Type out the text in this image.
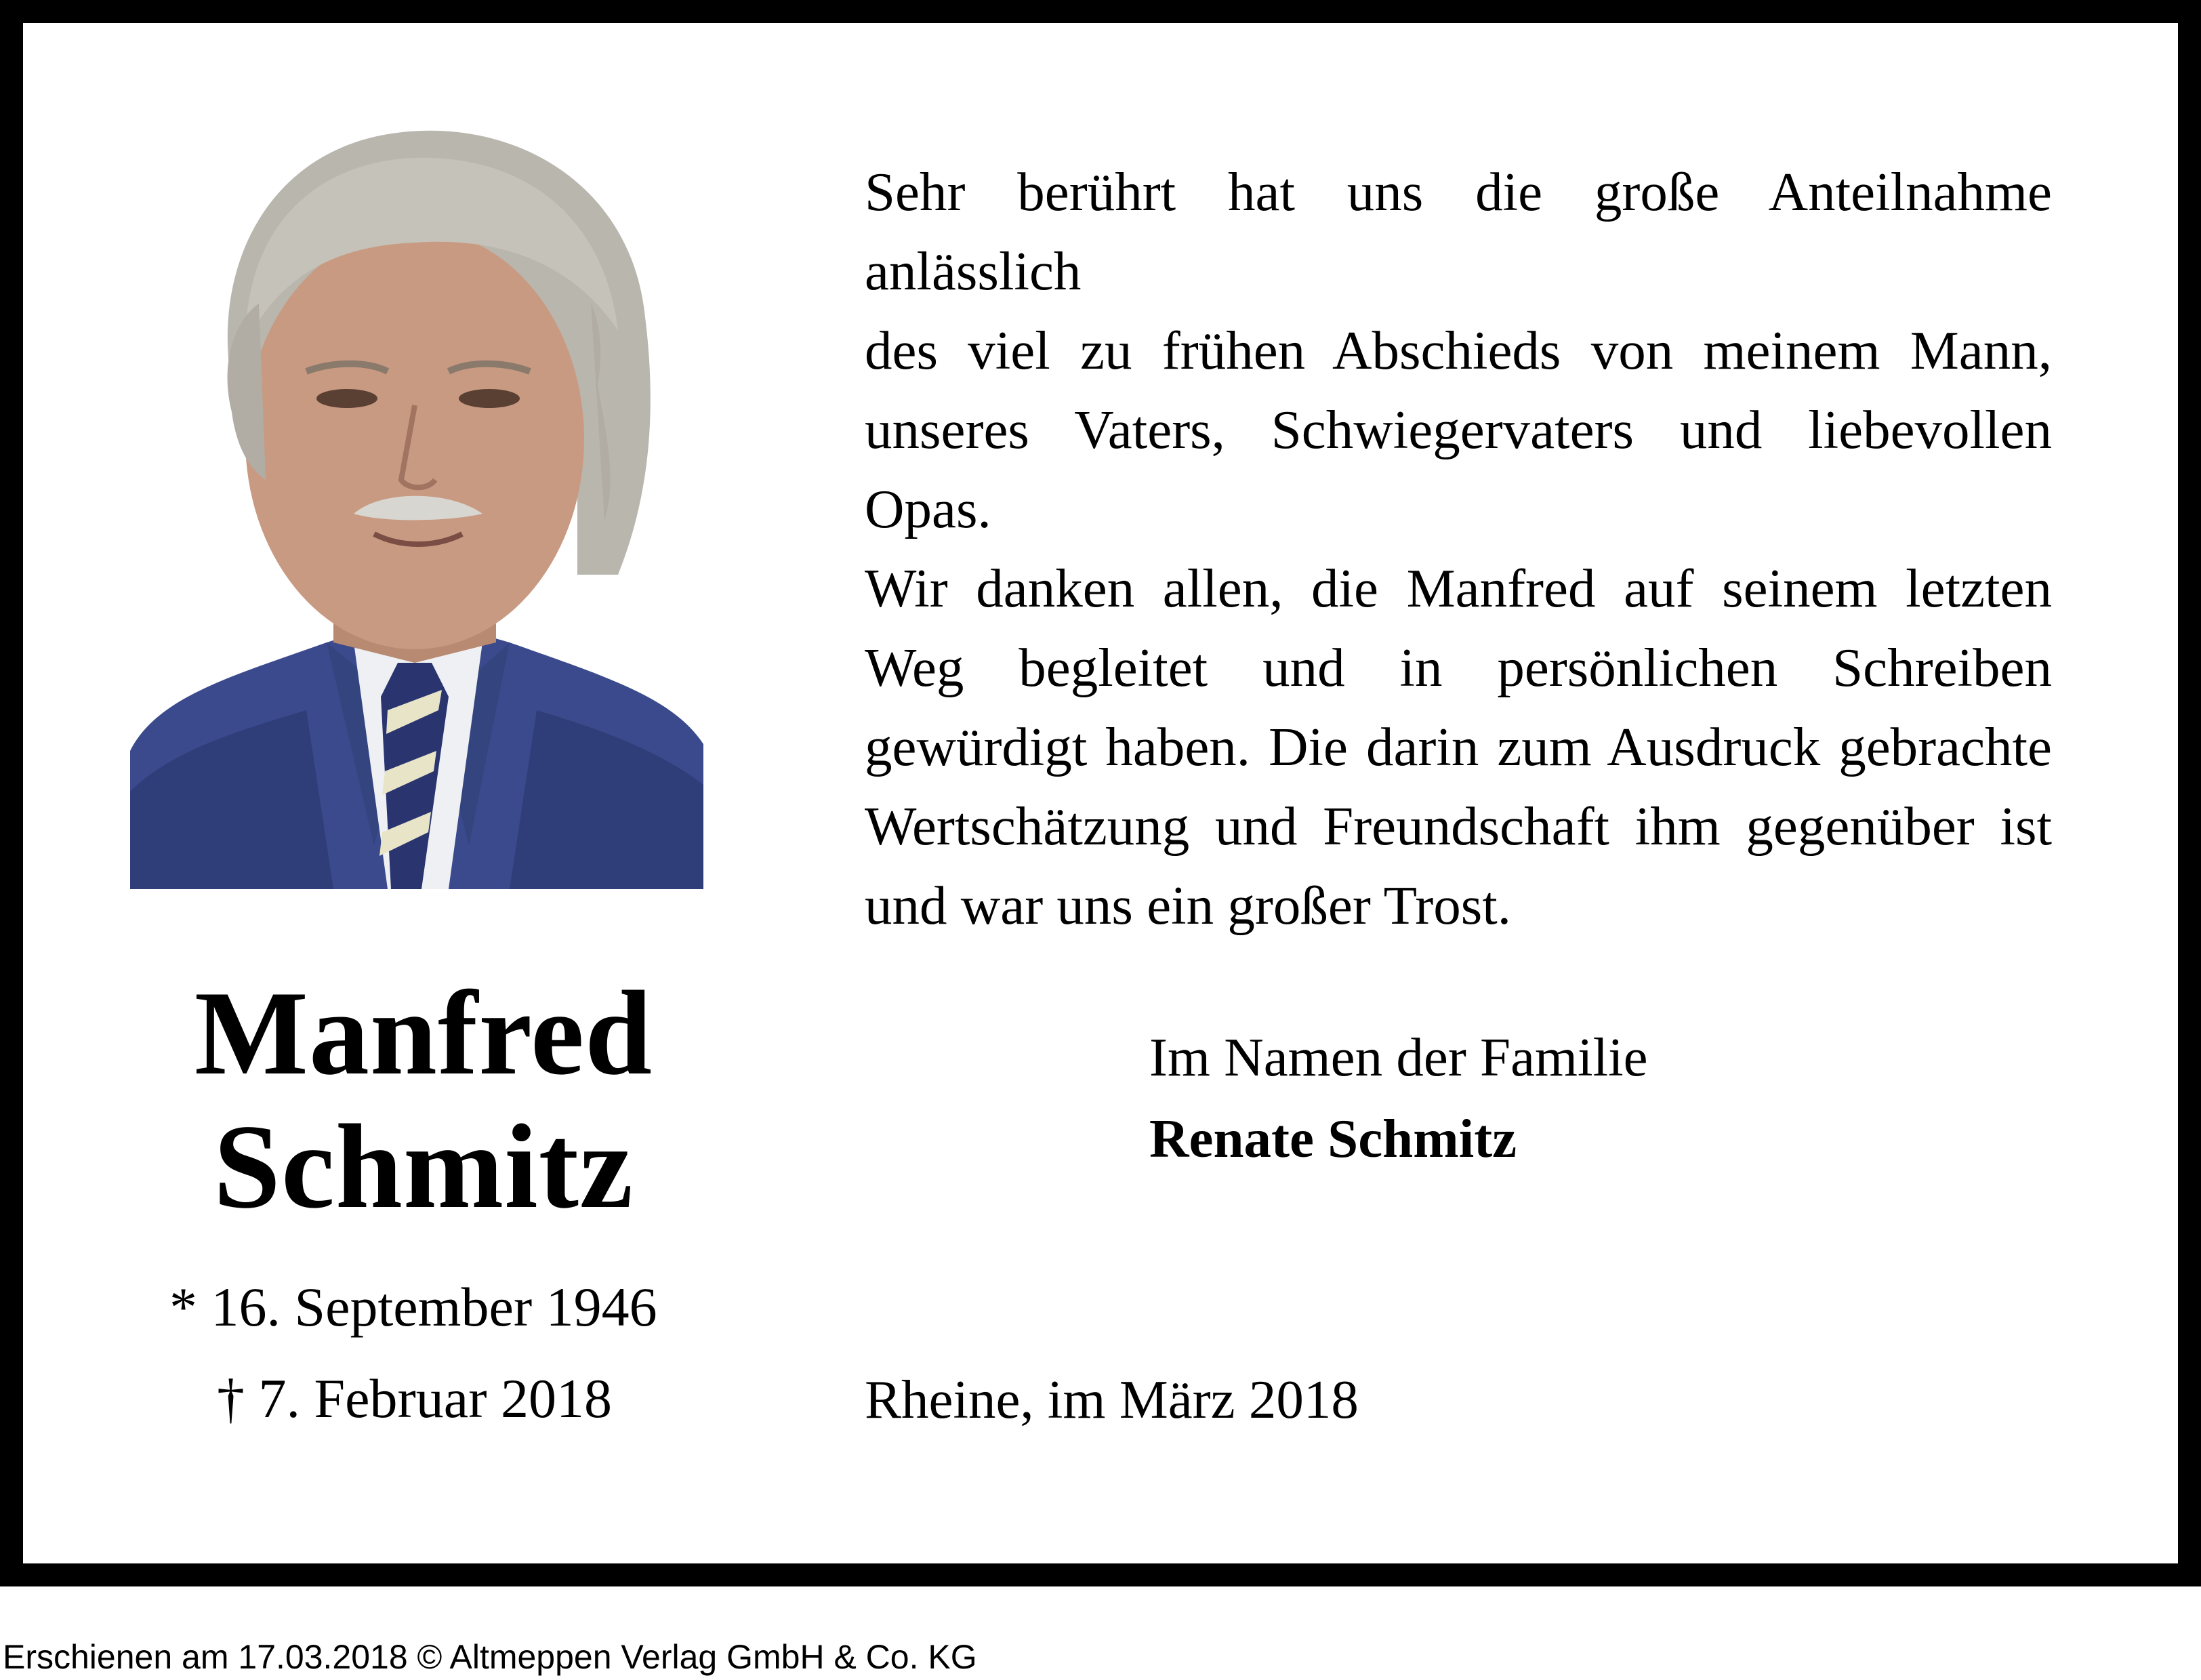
Manfred
Schmitz
* 16. September 1946
† 7. Februar 2018
Sehr berührt hat uns die große Anteilnahme anlässlich
des viel zu frühen Abschieds von meinem Mann,
unseres Vaters, Schwiegervaters und liebevollen Opas.
Wir danken allen, die Manfred auf seinem letzten
Weg begleitet und in persönlichen Schreiben
gewürdigt haben. Die darin zum Ausdruck gebrachte
Wertschätzung und Freundschaft ihm gegenüber ist
und war uns ein großer Trost.
Im Namen der Familie
Renate Schmitz
Rheine, im März 2018
Erschienen am 17.03.2018 © Altmeppen Verlag GmbH & Co. KG
